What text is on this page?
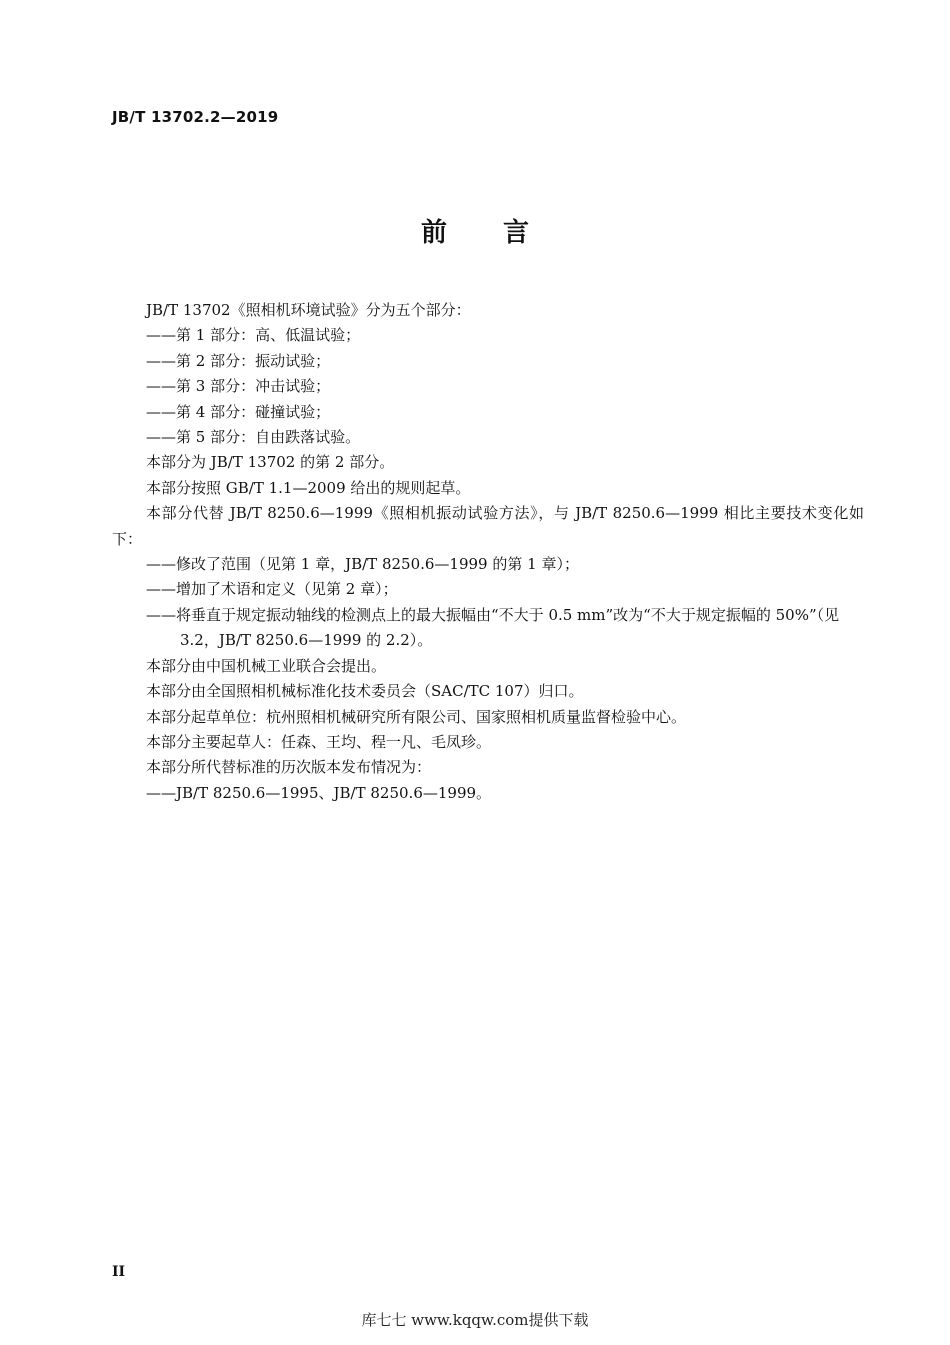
JB/T 13702.2—2019
前言

JB/T 13702《照相机环境试验》分为五个部分：

——第 1 部分：高、低温试验；

——第 2 部分：振动试验；

——第 3 部分：冲击试验；

——第 4 部分：碰撞试验；

——第 5 部分：自由跌落试验。

本部分为 JB/T 13702 的第 2 部分。

本部分按照 GB/T 1.1—2009 给出的规则起草。

本部分代替 JB/T 8250.6—1999《照相机振动试验方法》，与 JB/T 8250.6—1999 相比主要技术变化如下：

——修改了范围（见第 1 章，JB/T 8250.6—1999 的第 1 章）；

——增加了术语和定义（见第 2 章）；

——将垂直于规定振动轴线的检测点上的最大振幅由“不大于 0.5 mm”改为“不大于规定振幅的 50%”（见 3.2，JB/T 8250.6—1999 的 2.2）。

本部分由中国机械工业联合会提出。

本部分由全国照相机械标准化技术委员会（SAC/TC 107）归口。

本部分起草单位：杭州照相机械研究所有限公司、国家照相机质量监督检验中心。

本部分主要起草人：任森、王均、程一凡、毛凤珍。

本部分所代替标准的历次版本发布情况为：

——JB/T 8250.6—1995、JB/T 8250.6—1999。

II
库七七 www.kqqw.com提供下载
